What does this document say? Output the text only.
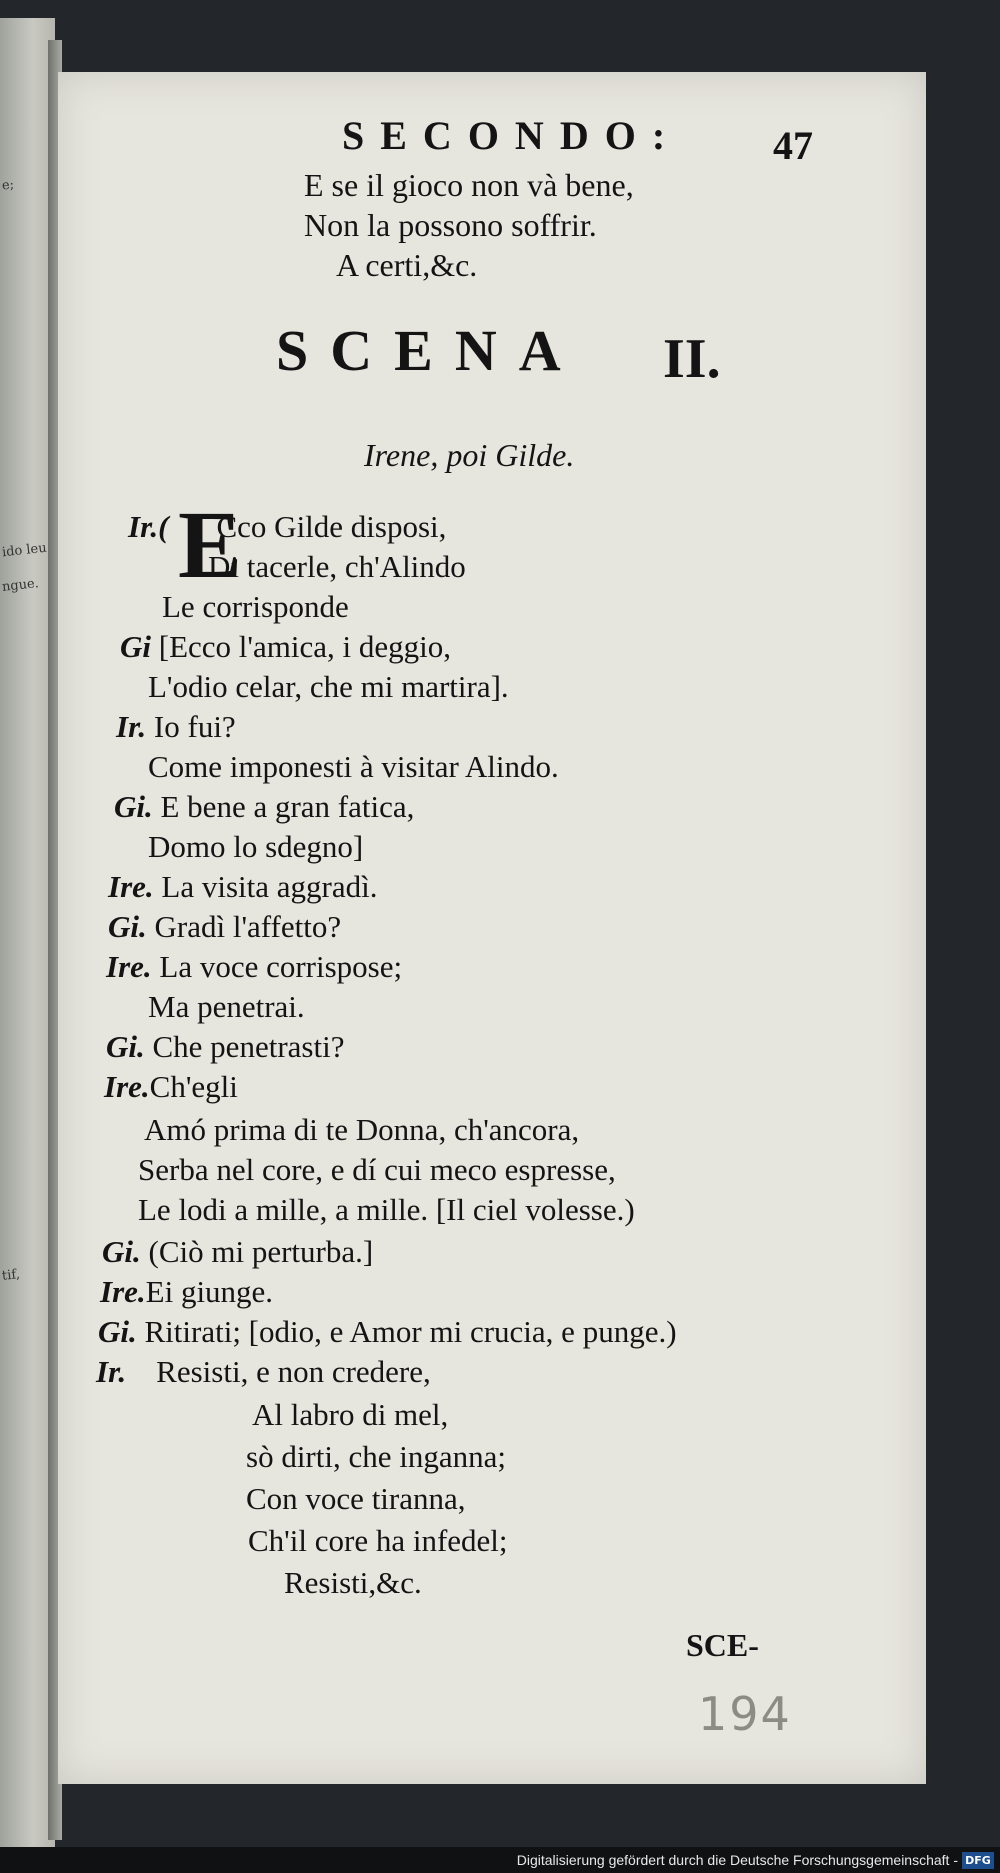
e;
ido leu
ngue.
tif,
SECONDO: 47
E se il gioco non và bene,
Non la possono soffrir.
A certi,&c.
SCENA II.
Irene, poi Gilde.
E
Ir.( Cco Gilde disposi,
Di tacerle, ch'Alindo
Le corrisponde
Gi [Ecco l'amica, i deggio,
L'odio celar, che mi martira].
Ir. Io fui?
Come imponesti à visitar Alindo.
Gi. E bene a gran fatica,
Domo lo sdegno]
Ire. La visita aggradì.
Gi. Gradì l'affetto?
Ire. La voce corrispose;
Ma penetrai.
Gi. Che penetrasti?
Ire.Ch'egli
Amó prima di te Donna, ch'ancora,
Serba nel core, e dí cui meco espresse,
Le lodi a mille, a mille. [Il ciel volesse.)
Gi. (Ciò mi perturba.]
Ire.Ei giunge.
Gi. Ritirati; [odio, e Amor mi crucia, e punge.)
Ir. Resisti, e non credere,
Al labro di mel,
sò dirti, che inganna;
Con voce tiranna,
Ch'il core ha infedel;
Resisti,&c.
SCE-
194
Digitalisierung gefördert durch die Deutsche Forschungsgemeinschaft - DFG
